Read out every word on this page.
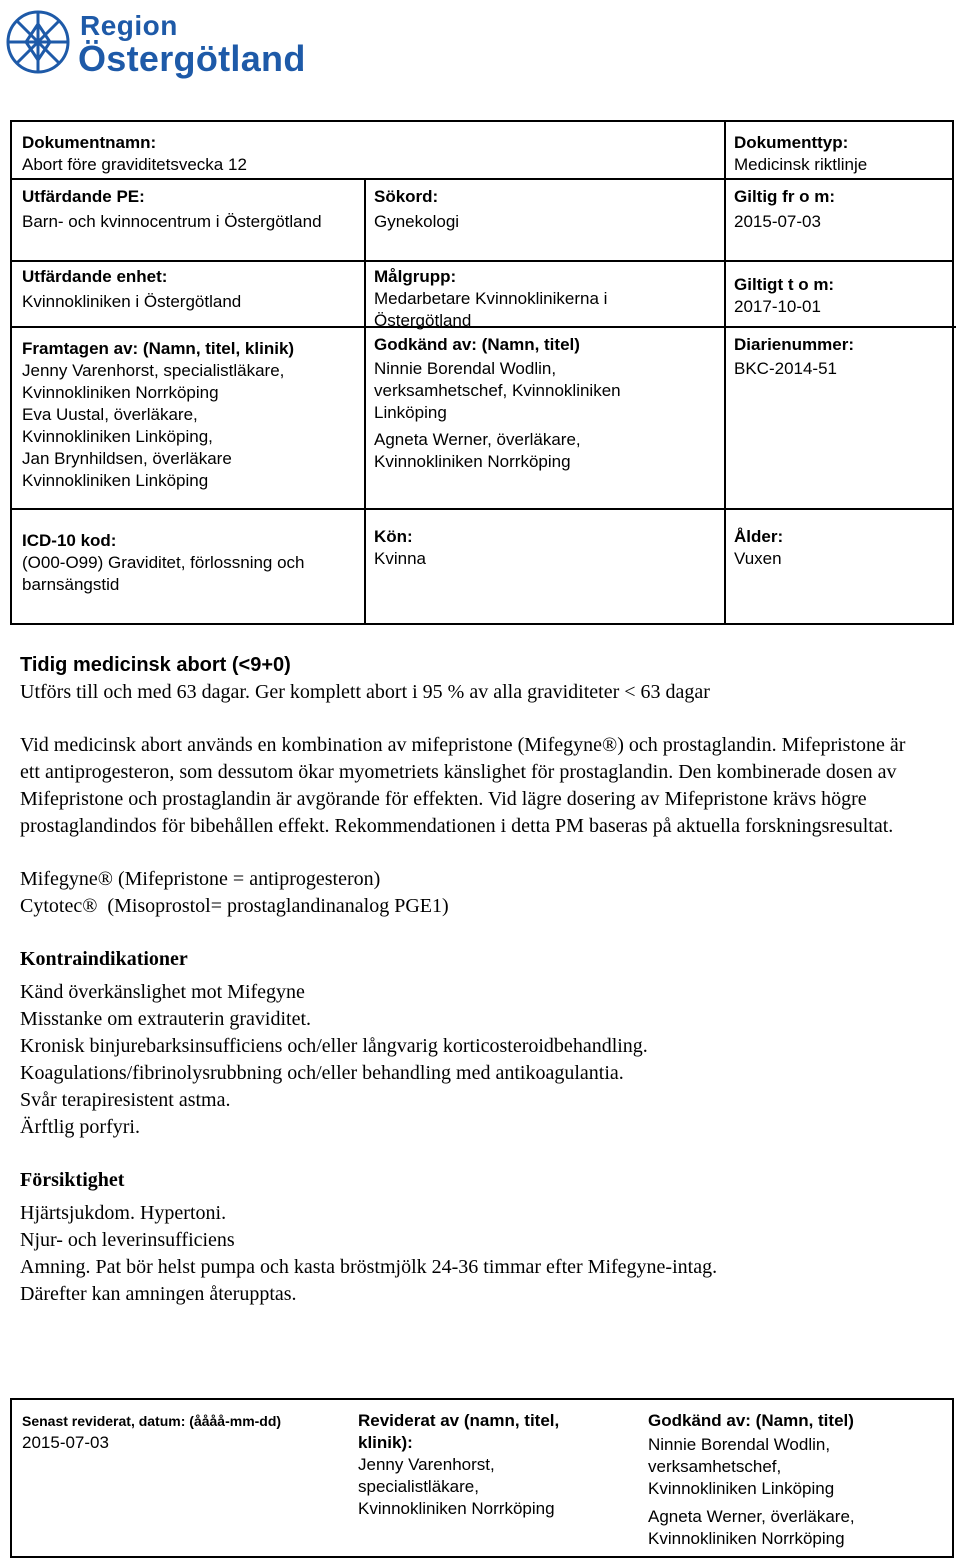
Region
Östergötland
Dokumentnamn:
Abort före graviditetsvecka 12
Dokumenttyp:
Medicinsk riktlinje
Utfärdande PE:
Barn- och kvinnocentrum i Östergötland
Sökord:
Gynekologi
Giltig fr o m:
2015-07-03
Utfärdande enhet:
Kvinnokliniken i Östergötland
Målgrupp:
Medarbetare Kvinnoklinikerna i Östergötland
Giltigt t o m:
2017-10-01
Framtagen av: (Namn, titel, klinik)
Jenny Varenhorst, specialistläkare,
Kvinnokliniken Norrköping
Eva Uustal, överläkare,
Kvinnokliniken Linköping,
Jan Brynhildsen, överläkare
Kvinnokliniken Linköping
Godkänd av: (Namn, titel)
Ninnie Borendal Wodlin,
verksamhetschef, Kvinnokliniken
Linköping
Agneta Werner, överläkare,
Kvinnokliniken Norrköping
Diarienummer:
BKC-2014-51
ICD-10 kod:
(O00-O99) Graviditet, förlossning och barnsängstid
Kön:
Kvinna
Ålder:
Vuxen
Tidig medicinsk abort (<9+0)

Utförs till och med 63 dagar. Ger komplett abort i 95 % av alla graviditeter < 63 dagar

Vid medicinsk abort används en kombination av mifepristone (Mifegyne®) och prostaglandin. Mifepristone är ett antiprogesteron, som dessutom ökar myometriets känslighet för prostaglandin. Den kombinerade dosen av Mifepristone och prostaglandin är avgörande för effekten. Vid lägre dosering av Mifepristone krävs högre prostaglandindos för bibehållen effekt. Rekommendationen i detta PM baseras på aktuella forskningsresultat.

Mifegyne® (Mifepristone = antiprogesteron)

Cytotec®  (Misoprostol= prostaglandinanalog PGE1)

Kontraindikationer

Känd överkänslighet mot Mifegyne

Misstanke om extrauterin graviditet.

Kronisk binjurebarksinsufficiens och/eller långvarig korticosteroidbehandling.

Koagulations/fibrinolysrubbning och/eller behandling med antikoagulantia.

Svår terapiresistent astma.

Ärftlig porfyri.

Försiktighet

Hjärtsjukdom. Hypertoni.

Njur- och leverinsufficiens

Amning. Pat bör helst pumpa och kasta bröstmjölk 24-36 timmar efter Mifegyne-intag.

Därefter kan amningen återupptas.

Senast reviderat, datum: (åååå-mm-dd)
2015-07-03
Reviderat av (namn, titel, klinik):
Jenny Varenhorst,
specialistläkare,
Kvinnokliniken Norrköping
Godkänd av: (Namn, titel)
Ninnie Borendal Wodlin,
verksamhetschef,
Kvinnokliniken Linköping
Agneta Werner, överläkare,
Kvinnokliniken Norrköping
